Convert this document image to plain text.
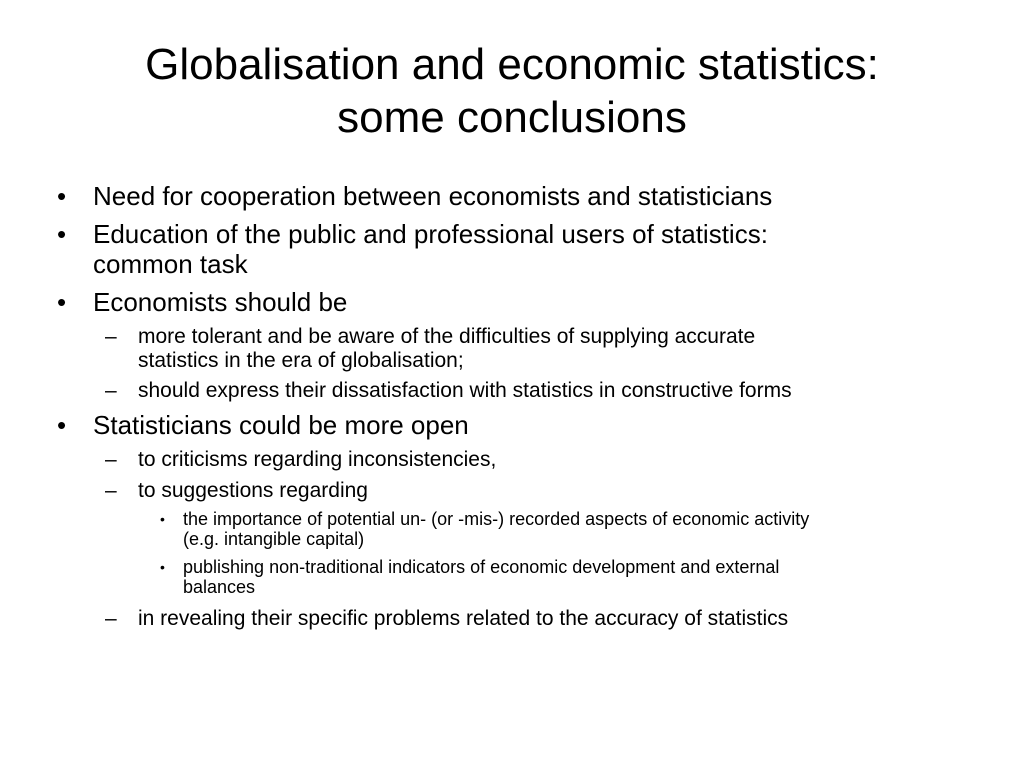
Globalisation and economic statistics:
some conclusions

• Need for cooperation between economists and statisticians

• Education of the public and professional users of statistics:
common task

• Economists should be

– more tolerant and be aware of the difficulties of supplying accurate
statistics in the era of globalisation;

– should express their dissatisfaction with statistics in constructive forms

• Statisticians could be more open

– to criticisms regarding inconsistencies,

– to suggestions regarding

• the importance of potential un- (or -mis-) recorded aspects of economic activity
(e.g. intangible capital)

• publishing non-traditional indicators of economic development and external
balances

– in revealing their specific problems related to the accuracy of statistics
